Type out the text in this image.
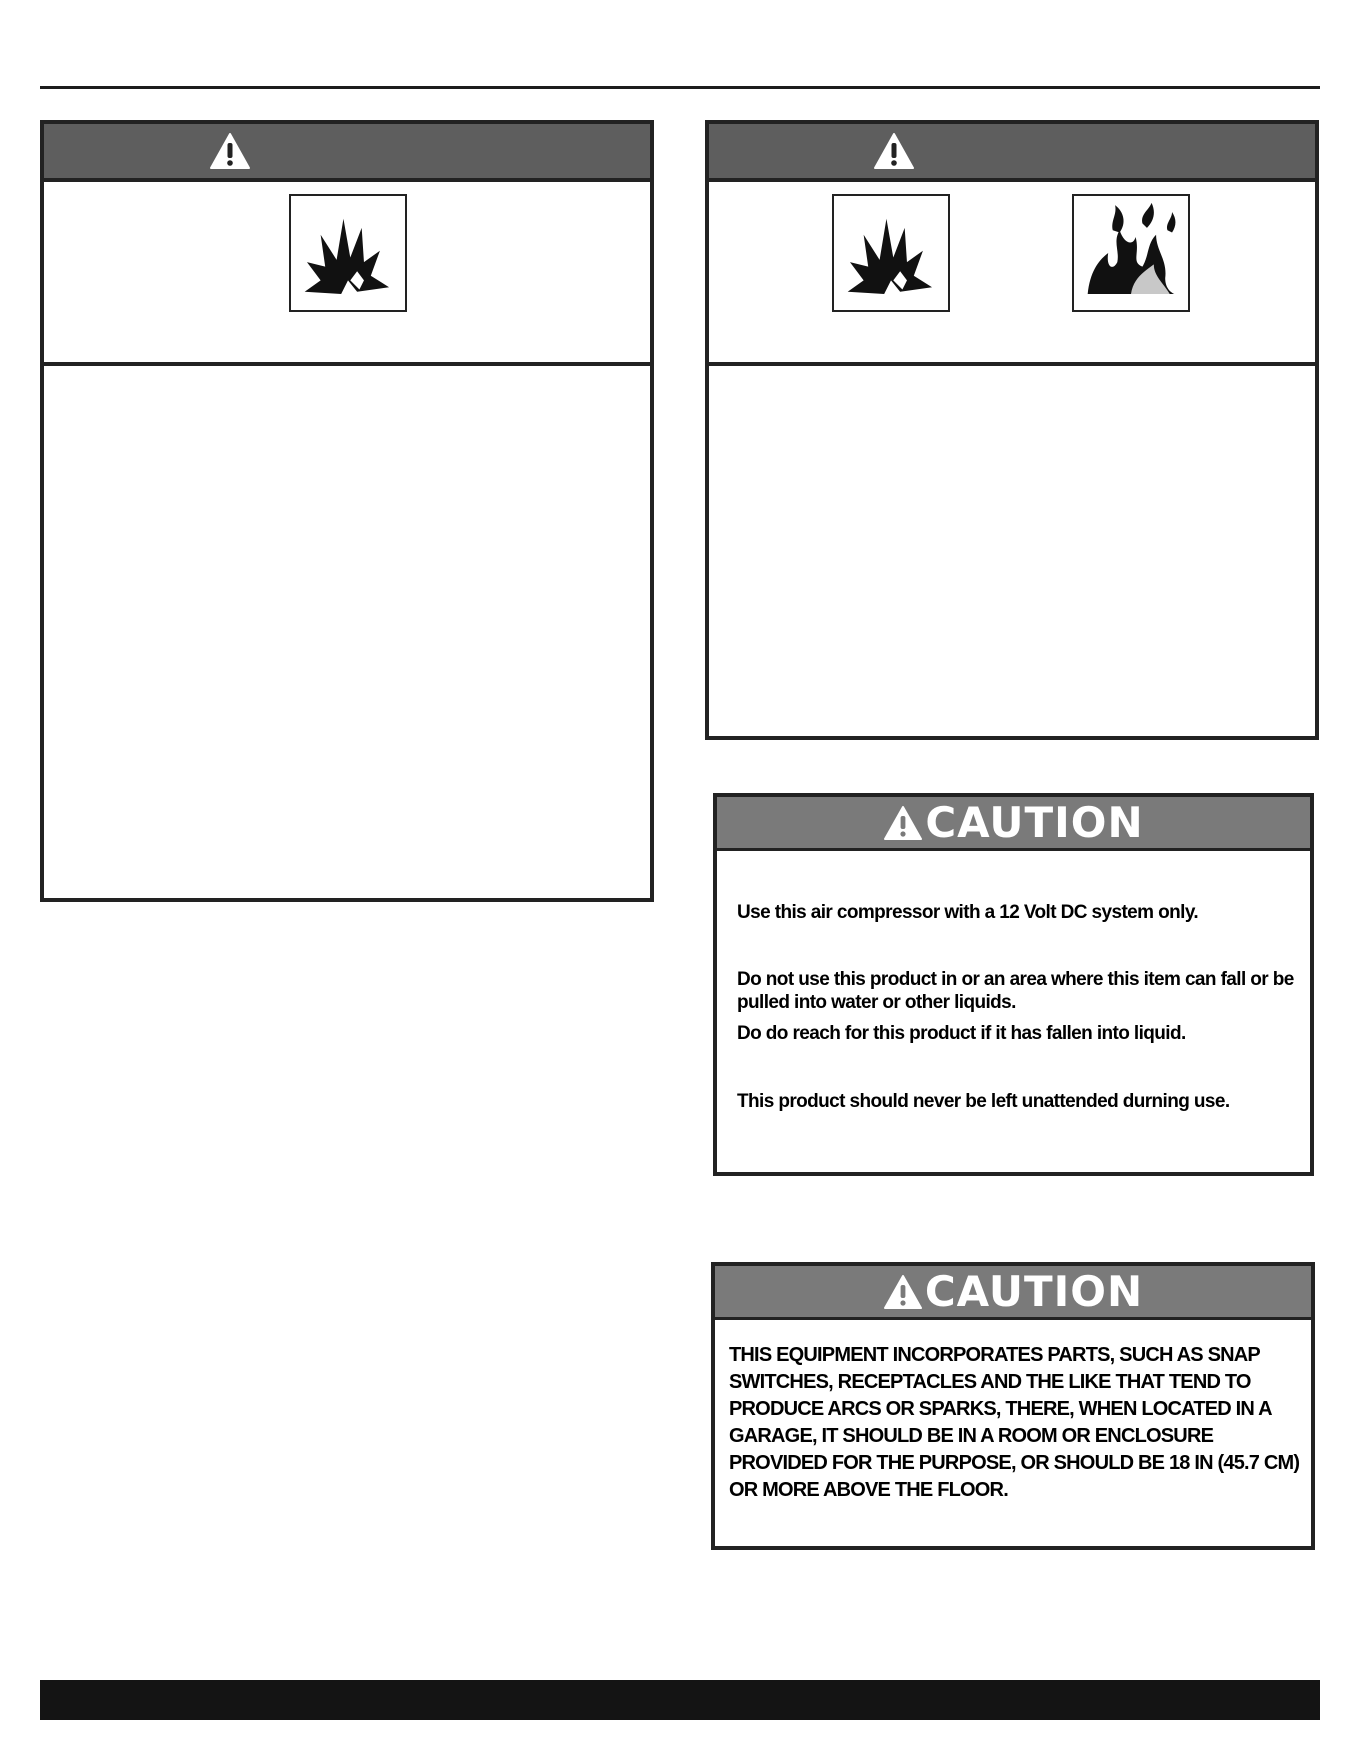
CAUTION
Use this air compressor with a 12 Volt DC system only.
Do not use this product in or an area where this item can fall or be pulled into water or other liquids.
Do do reach for this product if it has fallen into liquid.
This product should never be left unattended durning use.
CAUTION
THIS EQUIPMENT INCORPORATES PARTS, SUCH AS SNAP SWITCHES, RECEPTACLES AND THE LIKE THAT TEND TO PRODUCE ARCS OR SPARKS, THERE, WHEN LOCATED IN A GARAGE, IT SHOULD BE IN A ROOM OR ENCLOSURE PROVIDED FOR THE PURPOSE, OR SHOULD BE 18 IN (45.7 CM) OR MORE ABOVE THE FLOOR.
